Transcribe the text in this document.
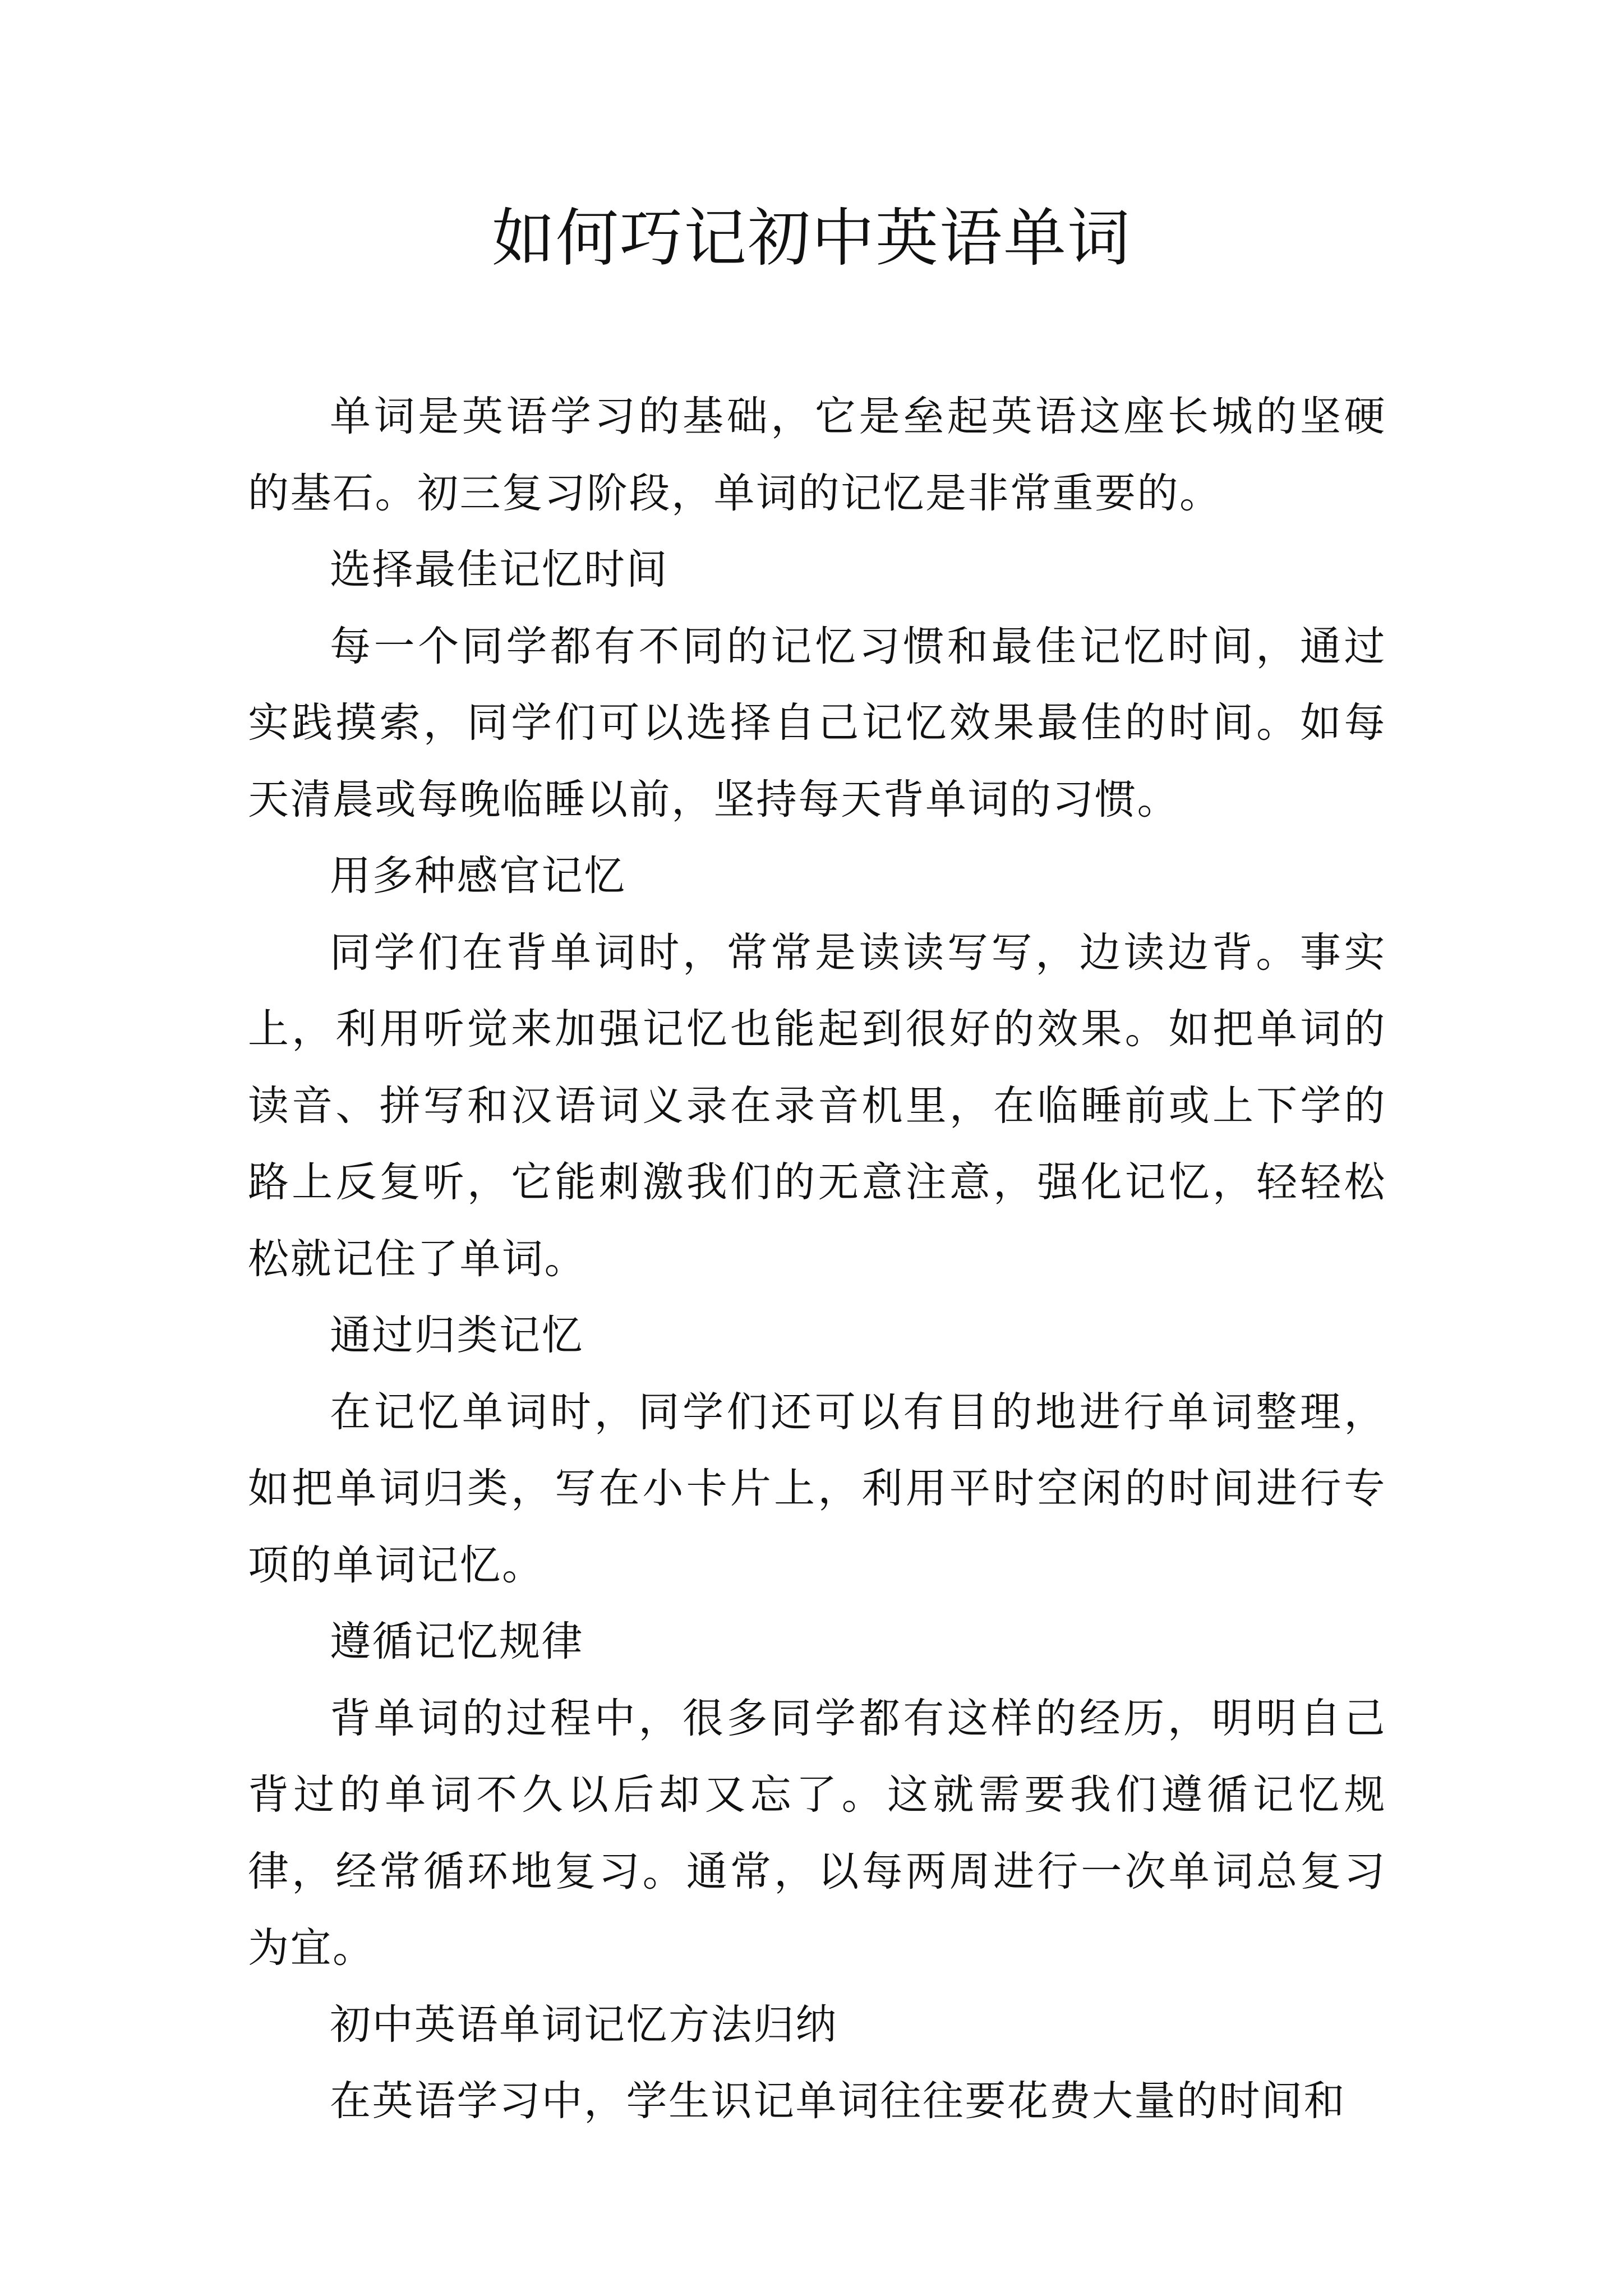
如何巧记初中英语单词

单词是英语学习的基础，它是垒起英语这座长城的坚硬的基石。初三复习阶段，单词的记忆是非常重要的。

选择最佳记忆时间

每一个同学都有不同的记忆习惯和最佳记忆时间，通过实践摸索，同学们可以选择自己记忆效果最佳的时间。如每天清晨或每晚临睡以前，坚持每天背单词的习惯。

用多种感官记忆

同学们在背单词时，常常是读读写写，边读边背。事实上，利用听觉来加强记忆也能起到很好的效果。如把单词的读音、拼写和汉语词义录在录音机里，在临睡前或上下学的路上反复听，它能刺激我们的无意注意，强化记忆，轻轻松松就记住了单词。

通过归类记忆

在记忆单词时，同学们还可以有目的地进行单词整理，如把单词归类，写在小卡片上，利用平时空闲的时间进行专项的单词记忆。

遵循记忆规律

背单词的过程中，很多同学都有这样的经历，明明自己背过的单词不久以后却又忘了。这就需要我们遵循记忆规律，经常循环地复习。通常，以每两周进行一次单词总复习为宜。

初中英语单词记忆方法归纳

在英语学习中，学生识记单词往往要花费大量的时间和
